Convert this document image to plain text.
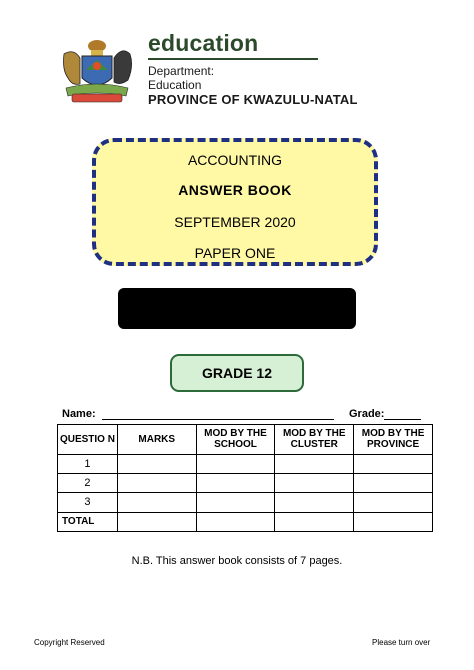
education
Department:
Education
PROVINCE OF KWAZULU-NATAL
ACCOUNTING
ANSWER BOOK
SEPTEMBER 2020
PAPER ONE
GRADE 12
Name:	Grade:
QUESTIO N	MARKS	MOD BY THE SCHOOL	MOD BY THE CLUSTER	MOD BY THE PROVINCE
1				
2				
3				
TOTAL				
N.B. This answer book consists of 7 pages.
Copyright Reserved	Please turn over
